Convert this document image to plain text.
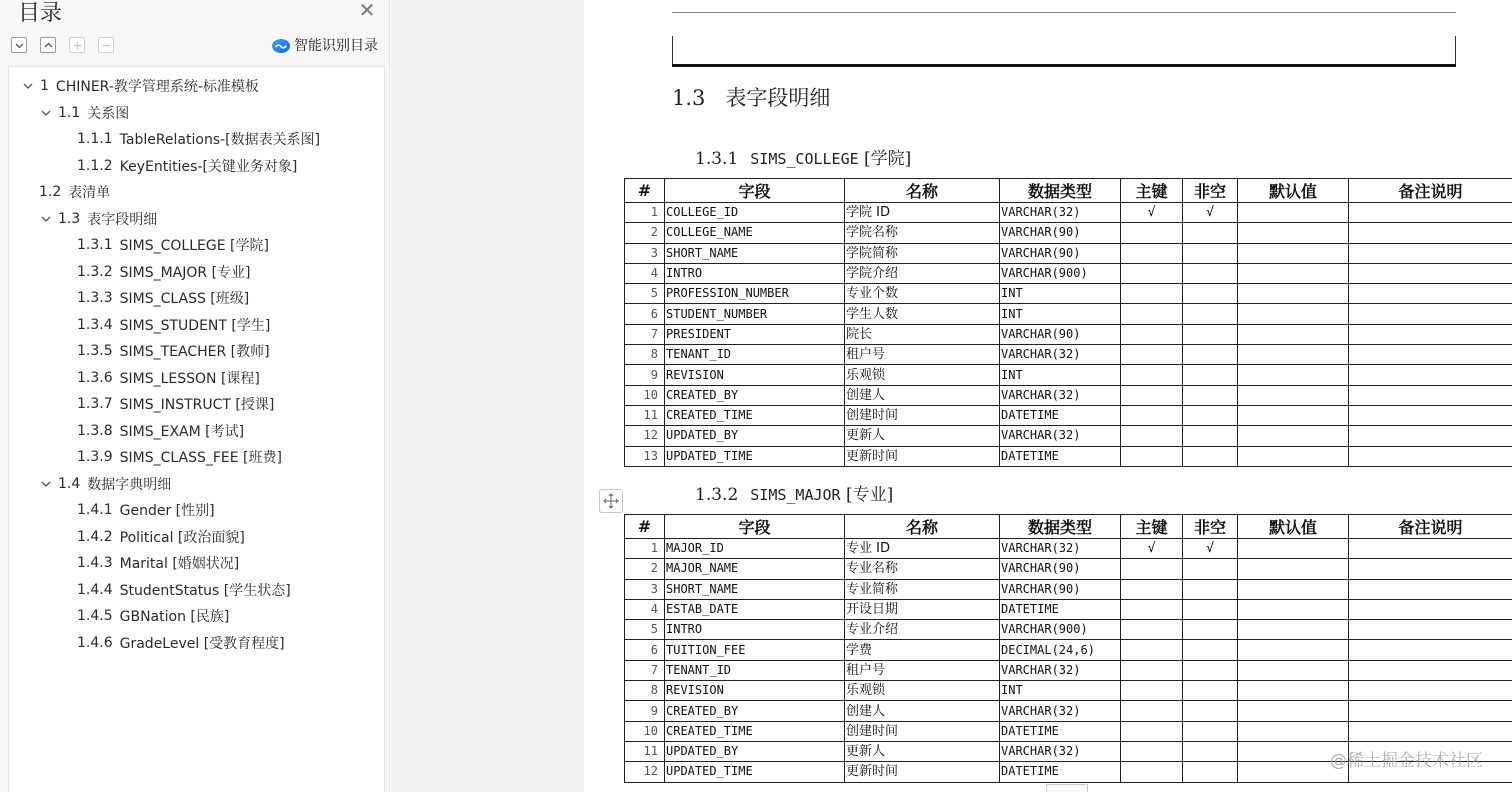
目录	✕
智能识别目录
1 CHINER-教学管理系统-标准模板
1.1 关系图
1.1.1 TableRelations-[数据表关系图]
1.1.2 KeyEntities-[关键业务对象]
1.2 表清单
1.3 表字段明细
1.3.1 SIMS_COLLEGE [学院]
1.3.2 SIMS_MAJOR [专业]
1.3.3 SIMS_CLASS [班级]
1.3.4 SIMS_STUDENT [学生]
1.3.5 SIMS_TEACHER [教师]
1.3.6 SIMS_LESSON [课程]
1.3.7 SIMS_INSTRUCT [授课]
1.3.8 SIMS_EXAM [考试]
1.3.9 SIMS_CLASS_FEE [班费]
1.4 数据字典明细
1.4.1 Gender [性别]
1.4.2 Political [政治面貌]
1.4.3 Marital [婚姻状况]
1.4.4 StudentStatus [学生状态]
1.4.5 GBNation [民族]
1.4.6 GradeLevel [受教育程度]
1.3 表字段明细
1.3.1 SIMS_COLLEGE [学院]
#	字段	名称	数据类型	主键	非空	默认值	备注说明
1	COLLEGE_ID	学院 ID	VARCHAR(32)	√	√		
2	COLLEGE_NAME	学院名称	VARCHAR(90)				
3	SHORT_NAME	学院简称	VARCHAR(90)				
4	INTRO	学院介绍	VARCHAR(900)				
5	PROFESSION_NUMBER	专业个数	INT				
6	STUDENT_NUMBER	学生人数	INT				
7	PRESIDENT	院长	VARCHAR(90)				
8	TENANT_ID	租户号	VARCHAR(32)				
9	REVISION	乐观锁	INT				
10	CREATED_BY	创建人	VARCHAR(32)				
11	CREATED_TIME	创建时间	DATETIME				
12	UPDATED_BY	更新人	VARCHAR(32)				
13	UPDATED_TIME	更新时间	DATETIME				
1.3.2 SIMS_MAJOR [专业]
#	字段	名称	数据类型	主键	非空	默认值	备注说明
1	MAJOR_ID	专业 ID	VARCHAR(32)	√	√		
2	MAJOR_NAME	专业名称	VARCHAR(90)				
3	SHORT_NAME	专业简称	VARCHAR(90)				
4	ESTAB_DATE	开设日期	DATETIME				
5	INTRO	专业介绍	VARCHAR(900)				
6	TUITION_FEE	学费	DECIMAL(24,6)				
7	TENANT_ID	租户号	VARCHAR(32)				
8	REVISION	乐观锁	INT				
9	CREATED_BY	创建人	VARCHAR(32)				
10	CREATED_TIME	创建时间	DATETIME				
11	UPDATED_BY	更新人	VARCHAR(32)				
12	UPDATED_TIME	更新时间	DATETIME				
@稀土掘金技术社区
